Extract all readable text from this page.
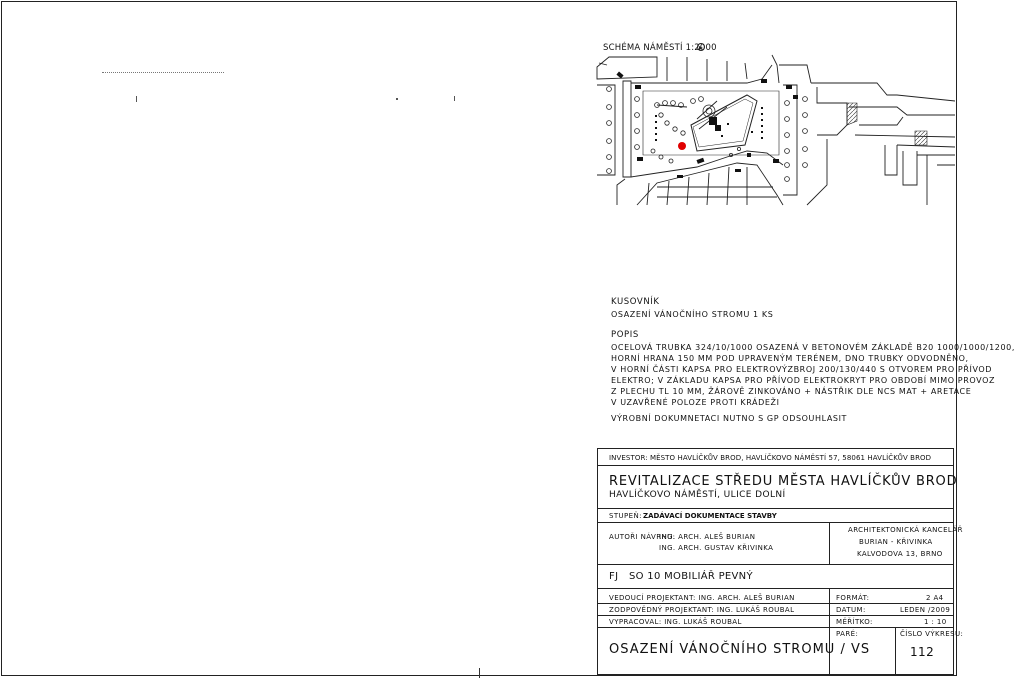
SCHÉMA NÁMĚSTÍ 1:2000
KUSOVNÍK
OSAZENÍ VÁNOČNÍHO STROMU 1 KS
POPIS
OCELOVÁ TRUBKA 324/10/1000 OSAZENÁ V BETONOVÉM ZÁKLADĚ B20 1000/1000/1200,
HORNÍ HRANA 150 MM POD UPRAVENÝM TERÉNEM, DNO TRUBKY ODVODNĚNO,
V HORNÍ ČÁSTI KAPSA PRO ELEKTROVÝZBROJ 200/130/440 S OTVOREM PRO PŘÍVOD
ELEKTRO; V ZÁKLADU KAPSA PRO PŘÍVOD ELEKTROKRYT PRO OBDOBÍ MIMO PROVOZ
Z PLECHU TL 10 MM, ŽÁROVĚ ZINKOVÁNO + NÁSTŘIK DLE NCS MAT + ARETACE
V UZAVŘENÉ POLOZE PROTI KRÁDEŽI
VÝROBNÍ DOKUMNETACI NUTNO S GP ODSOUHLASIT
INVESTOR: MĚSTO HAVLÍČKŮV BROD, HAVLÍČKOVO NÁMĚSTÍ 57, 58061 HAVLÍČKŮV BROD
REVITALIZACE STŘEDU MĚSTA HAVLÍČKŮV BROD
HAVLÍČKOVO NÁMĚSTÍ, ULICE DOLNÍ
STUPEŇ: ZADÁVACÍ DOKUMENTACE STAVBY
AUTOŘI NÁVRHU:
ING. ARCH. ALEŠ BURIAN
ING. ARCH. GUSTAV KŘIVINKA
ARCHITEKTONICKÁ KANCELÁŘ
BURIAN - KŘIVINKA
KALVODOVA 13, BRNO
FJ SO 10 MOBILIÁŘ PEVNÝ
VEDOUCÍ PROJEKTANT: ING. ARCH. ALEŠ BURIAN
ZODPOVĚDNÝ PROJEKTANT: ING. LUKÁŠ ROUBAL
VYPRACOVAL: ING. LUKÁŠ ROUBAL
FORMÁT:	2 A4
DATUM:	LEDEN /2009
MĚŘÍTKO:	1 : 10
PARÉ:	ČÍSLO VÝKRESU:
112
OSAZENÍ VÁNOČNÍHO STROMU / VS
